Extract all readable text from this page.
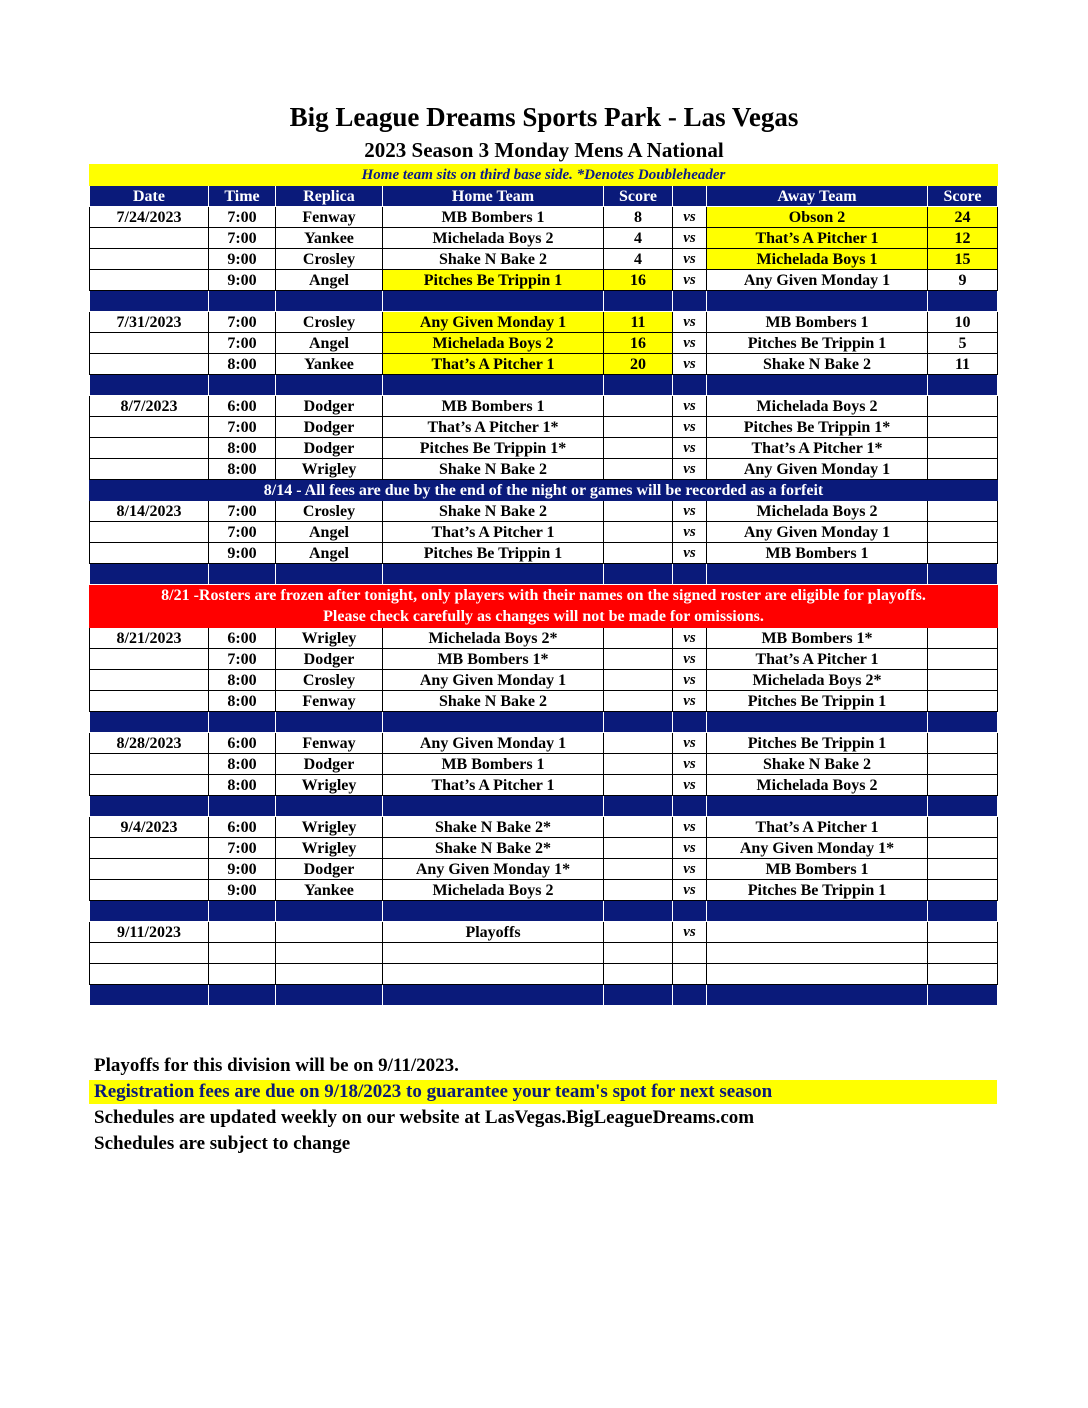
Big League Dreams Sports Park - Las Vegas
2023 Season 3 Monday Mens A National
Home team sits on third base side. *Denotes Doubleheader							
Date	Time	Replica	Home Team	Score		Away Team	Score
7/24/2023	7:00	Fenway	MB Bombers 1	8	vs	Obson 2	24
	7:00	Yankee	Michelada Boys 2	4	vs	That’s A Pitcher 1	12
	9:00	Crosley	Shake N Bake 2	4	vs	Michelada Boys 1	15
	9:00	Angel	Pitches Be Trippin 1	16	vs	Any Given Monday 1	9

7/31/2023	7:00	Crosley	Any Given Monday 1	11	vs	MB Bombers 1	10
	7:00	Angel	Michelada Boys 2	16	vs	Pitches Be Trippin 1	5
	8:00	Yankee	That’s A Pitcher 1	20	vs	Shake N Bake 2	11

8/7/2023	6:00	Dodger	MB Bombers 1		vs	Michelada Boys 2	
	7:00	Dodger	That’s A Pitcher 1*		vs	Pitches Be Trippin 1*	
	8:00	Dodger	Pitches Be Trippin 1*		vs	That’s A Pitcher 1*	
	8:00	Wrigley	Shake N Bake 2		vs	Any Given Monday 1	
8/14 - All fees are due by the end of the night or games will be recorded as a forfeit							
8/14/2023	7:00	Crosley	Shake N Bake 2		vs	Michelada Boys 2	
	7:00	Angel	That’s A Pitcher 1		vs	Any Given Monday 1	
	9:00	Angel	Pitches Be Trippin 1		vs	MB Bombers 1	

8/21 -Rosters are frozen after tonight, only players with their names on the signed roster are eligible for playoffs.
Please check carefully as changes will not be made for omissions.							

8/21/2023	6:00	Wrigley	Michelada Boys 2*		vs	MB Bombers 1*	
	7:00	Dodger	MB Bombers 1*		vs	That’s A Pitcher 1	
	8:00	Crosley	Any Given Monday 1		vs	Michelada Boys 2*	
	8:00	Fenway	Shake N Bake 2		vs	Pitches Be Trippin 1	

8/28/2023	6:00	Fenway	Any Given Monday 1		vs	Pitches Be Trippin 1	
	8:00	Dodger	MB Bombers 1		vs	Shake N Bake 2	
	8:00	Wrigley	That’s A Pitcher 1		vs	Michelada Boys 2	

9/4/2023	6:00	Wrigley	Shake N Bake 2*		vs	That’s A Pitcher 1	
	7:00	Wrigley	Shake N Bake 2*		vs	Any Given Monday 1*	
	9:00	Dodger	Any Given Monday 1*		vs	MB Bombers 1	
	9:00	Yankee	Michelada Boys 2		vs	Pitches Be Trippin 1	

9/11/2023			Playoffs		vs		

Playoffs for this division will be on 9/11/2023.
Registration fees are due on 9/18/2023 to guarantee your team's spot for next season
Schedules are updated weekly on our website at LasVegas.BigLeagueDreams.com
Schedules are subject to change
